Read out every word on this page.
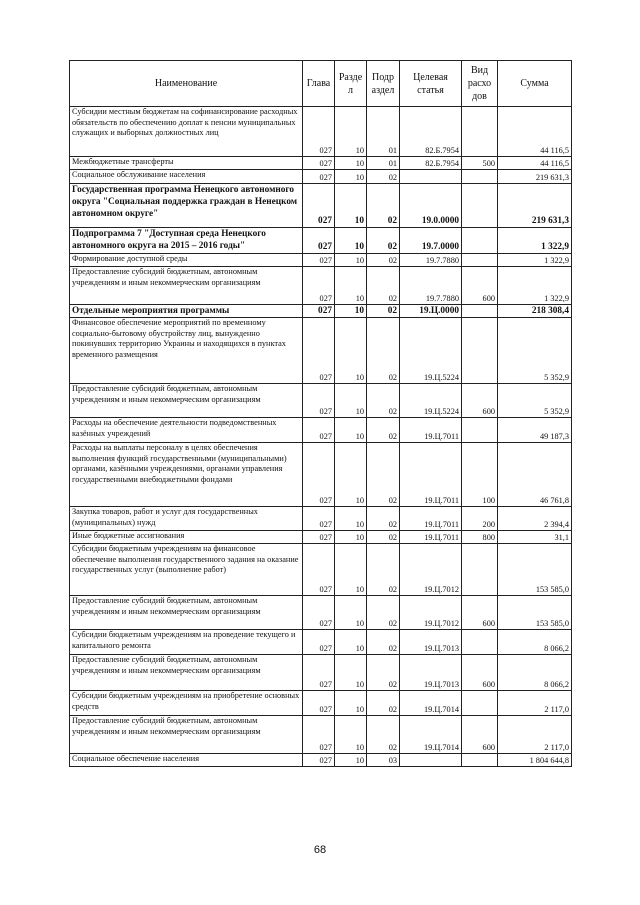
Наименование	Глава	Разде л	Подр аздел	Целевая статья	Вид расхо дов	Сумма
Субсидии местным бюджетам на софинансирование расходных обязательств по обеспечению доплат к пенсии муниципальных служащих и выборных должностных лиц	027	10	01	82.Б.7954		44 116,5
Межбюджетные трансферты	027	10	01	82.Б.7954	500	44 116,5
Социальное обслуживание населения	027	10	02			219 631,3
Государственная программа Ненецкого автономного округа "Социальная поддержка граждан в Ненецком автономном округе"	027	10	02	19.0.0000		219 631,3
Подпрограмма 7 "Доступная среда Ненецкого автономного округа на 2015 – 2016 годы"	027	10	02	19.7.0000		1 322,9
Формирование доступной среды	027	10	02	19.7.7880		1 322,9
Предоставление субсидий бюджетным, автономным учреждениям и иным некоммерческим организациям	027	10	02	19.7.7880	600	1 322,9
Отдельные мероприятия программы	027	10	02	19.Ц.0000		218 308,4
Финансовое обеспечение мероприятий по временному социально-бытовому обустройству лиц, вынужденно покинувших территорию Украины и находящихся в пунктах временного размещения	027	10	02	19.Ц.5224		5 352,9
Предоставление субсидий бюджетным, автономным учреждениям и иным некоммерческим организациям	027	10	02	19.Ц.5224	600	5 352,9
Расходы на обеспечение деятельности подведомственных казённых учреждений	027	10	02	19.Ц.7011		49 187,3
Расходы на выплаты персоналу в целях обеспечения выполнения функций государственными (муниципальными) органами, казёнными учреждениями, органами управления государственными внебюджетными фондами	027	10	02	19.Ц.7011	100	46 761,8
Закупка товаров, работ и услуг для государственных (муниципальных) нужд	027	10	02	19.Ц.7011	200	2 394,4
Иные бюджетные ассигнования	027	10	02	19.Ц.7011	800	31,1
Субсидии бюджетным учреждениям на финансовое обеспечение выполнения государственного задания на оказание государственных услуг (выполнение работ)	027	10	02	19.Ц.7012		153 585,0
Предоставление субсидий бюджетным, автономным учреждениям и иным некоммерческим организациям	027	10	02	19.Ц.7012	600	153 585,0
Субсидии бюджетным учреждениям на проведение текущего и капитального ремонта	027	10	02	19.Ц.7013		8 066,2
Предоставление субсидий бюджетным, автономным учреждениям и иным некоммерческим организациям	027	10	02	19.Ц.7013	600	8 066,2
Субсидии бюджетным учреждениям на приобретение основных средств	027	10	02	19.Ц.7014		2 117,0
Предоставление субсидий бюджетным, автономным учреждениям и иным некоммерческим организациям	027	10	02	19.Ц.7014	600	2 117,0
Социальное обеспечение населения	027	10	03			1 804 644,8
68
